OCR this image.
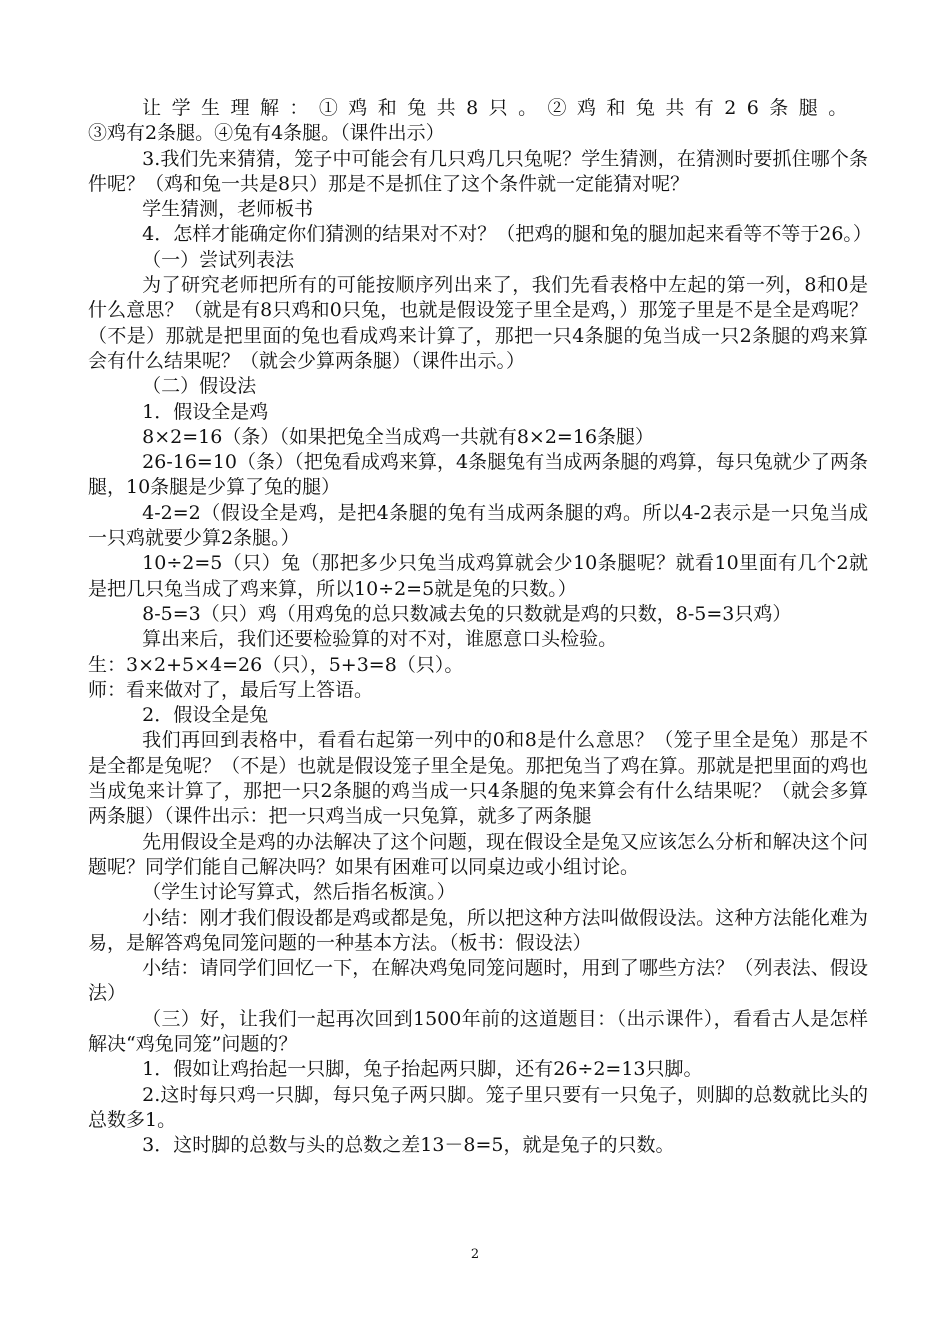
让学生理解：①鸡和兔共8只。②鸡和兔共有26条腿。

③鸡有2条腿。④兔有4条腿。（课件出示）

3.我们先来猜猜，笼子中可能会有几只鸡几只兔呢？学生猜测，在猜测时要抓住哪个条件呢？（鸡和兔一共是8只）那是不是抓住了这个条件就一定能猜对呢？

学生猜测，老师板书

4．怎样才能确定你们猜测的结果对不对？（把鸡的腿和兔的腿加起来看等不等于26。）

（一）尝试列表法

为了研究老师把所有的可能按顺序列出来了，我们先看表格中左起的第一列，8和0是什么意思？（就是有8只鸡和0只兔，也就是假设笼子里全是鸡，）那笼子里是不是全是鸡呢？（不是）那就是把里面的兔也看成鸡来计算了，那把一只4条腿的兔当成一只2条腿的鸡来算会有什么结果呢？（就会少算两条腿）（课件出示。）

（二）假设法

1．假设全是鸡

8×2=16（条）（如果把兔全当成鸡一共就有8×2=16条腿）

26-16=10（条）（把兔看成鸡来算，4条腿兔有当成两条腿的鸡算，每只兔就少了两条腿，10条腿是少算了兔的腿）

4-2=2（假设全是鸡，是把4条腿的兔有当成两条腿的鸡。所以4-2表示是一只兔当成一只鸡就要少算2条腿。）

10÷2=5（只）兔（那把多少只兔当成鸡算就会少10条腿呢？就看10里面有几个2就是把几只兔当成了鸡来算，所以10÷2=5就是兔的只数。）

8-5=3（只）鸡（用鸡兔的总只数减去兔的只数就是鸡的只数，8-5=3只鸡）

算出来后，我们还要检验算的对不对，谁愿意口头检验。

生：3×2+5×4=26（只），5+3=8（只）。

师：看来做对了，最后写上答语。

2．假设全是兔

我们再回到表格中，看看右起第一列中的0和8是什么意思？（笼子里全是兔）那是不是全都是兔呢？（不是）也就是假设笼子里全是兔。那把兔当了鸡在算。那就是把里面的鸡也当成兔来计算了，那把一只2条腿的鸡当成一只4条腿的兔来算会有什么结果呢？（就会多算两条腿）（课件出示：把一只鸡当成一只兔算，就多了两条腿

先用假设全是鸡的办法解决了这个问题，现在假设全是兔又应该怎么分析和解决这个问题呢？同学们能自己解决吗？如果有困难可以同桌边或小组讨论。

（学生讨论写算式，然后指名板演。）

小结：刚才我们假设都是鸡或都是兔，所以把这种方法叫做假设法。这种方法能化难为易，是解答鸡兔同笼问题的一种基本方法。（板书：假设法）

小结：请同学们回忆一下，在解决鸡兔同笼问题时，用到了哪些方法？（列表法、假设法）

（三）好，让我们一起再次回到1500年前的这道题目：（出示课件），看看古人是怎样解决“鸡兔同笼”问题的？

1．假如让鸡抬起一只脚，兔子抬起两只脚，还有26÷2=13只脚。

2.这时每只鸡一只脚，每只兔子两只脚。笼子里只要有一只兔子，则脚的总数就比头的总数多1。

3．这时脚的总数与头的总数之差13－8=5，就是兔子的只数。

2
